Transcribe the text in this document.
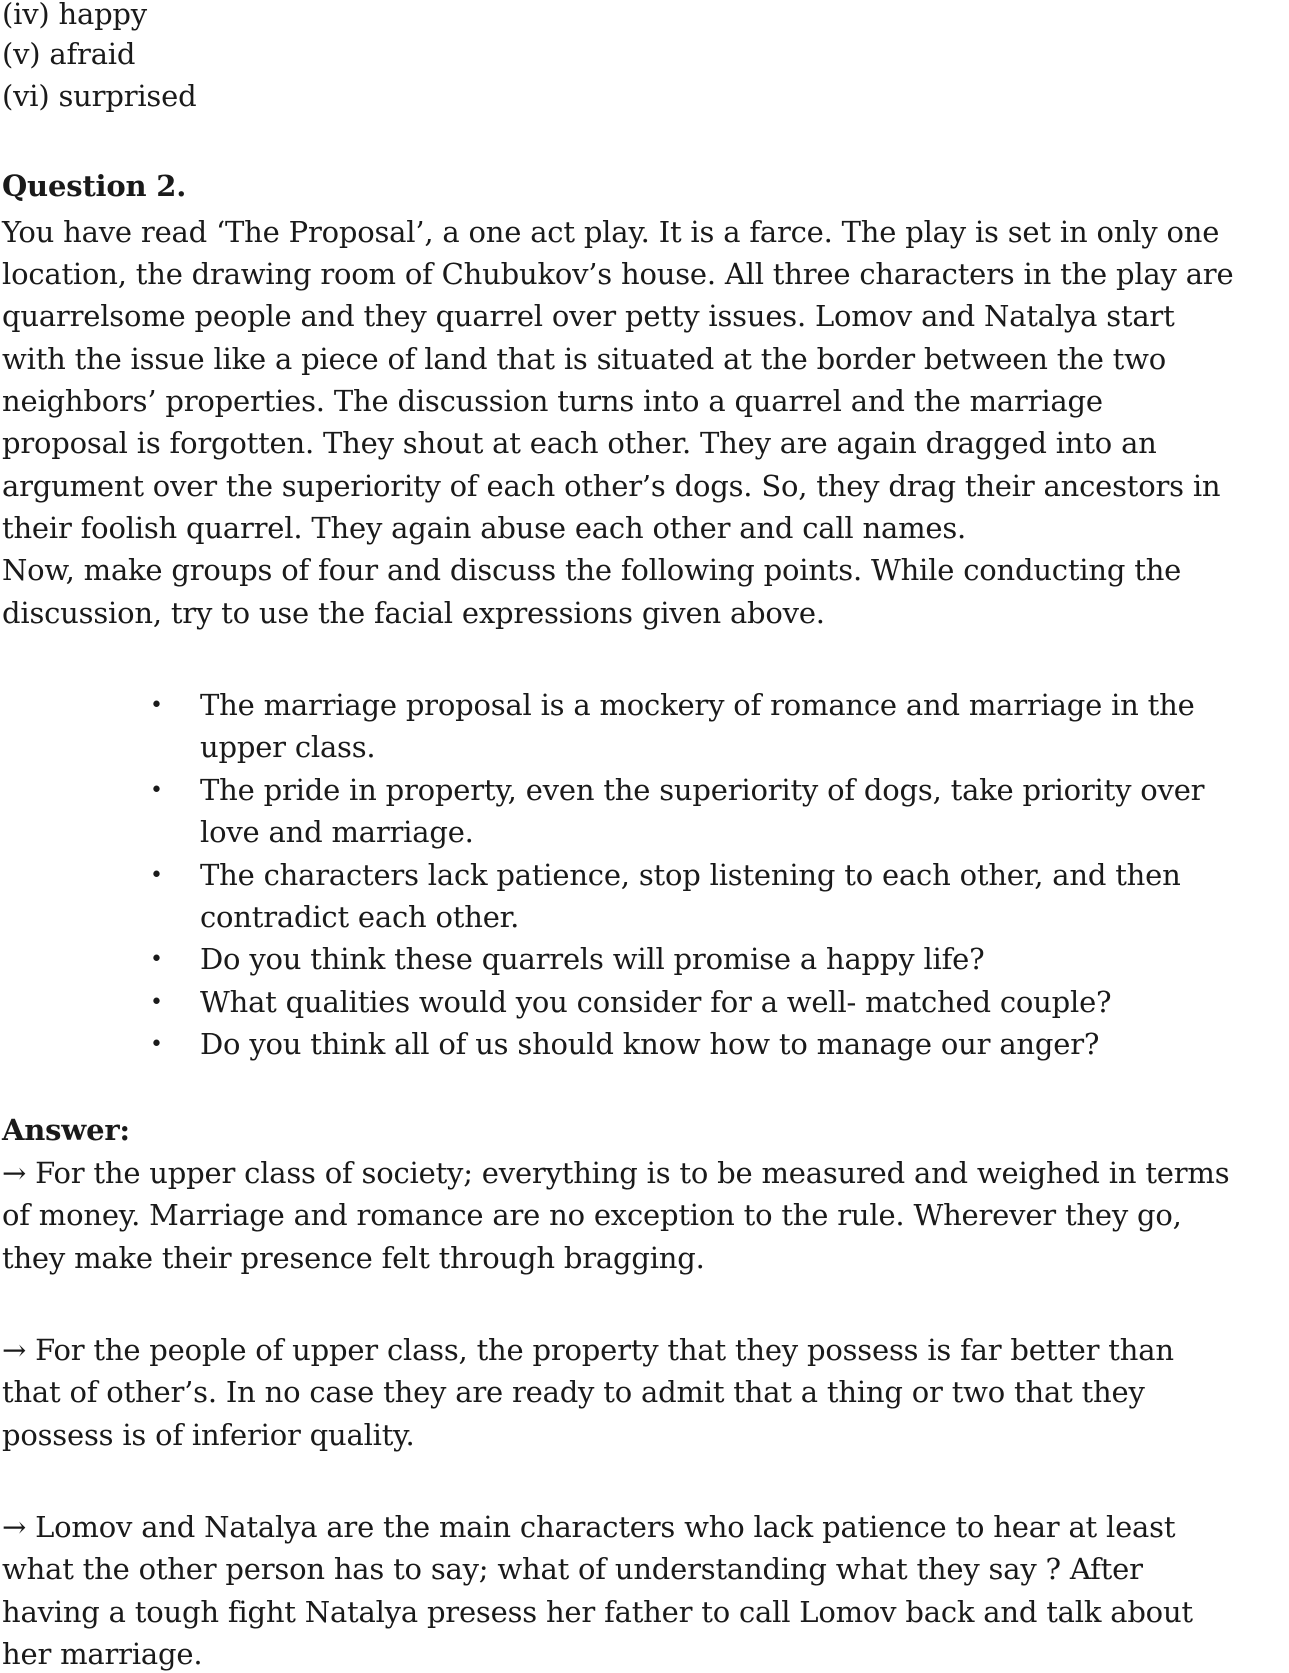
(iv) happy
(v) afraid
(vi) surprised
Question 2.
You have read ‘The Proposal’, a one act play. It is a farce. The play is set in only one
location, the drawing room of Chubukov’s house. All three characters in the play are
quarrelsome people and they quarrel over petty issues. Lomov and Natalya start
with the issue like a piece of land that is situated at the border between the two
neighbors’ properties. The discussion turns into a quarrel and the marriage
proposal is forgotten. They shout at each other. They are again dragged into an
argument over the superiority of each other’s dogs. So, they drag their ancestors in
their foolish quarrel. They again abuse each other and call names.
Now, make groups of four and discuss the following points. While conducting the
discussion, try to use the facial expressions given above.
• The marriage proposal is a mockery of romance and marriage in the
upper class.
• The pride in property, even the superiority of dogs, take priority over
love and marriage.
• The characters lack patience, stop listening to each other, and then
contradict each other.
• Do you think these quarrels will promise a happy life?
• What qualities would you consider for a well- matched couple?
• Do you think all of us should know how to manage our anger?
Answer:
→ For the upper class of society; everything is to be measured and weighed in terms
of money. Marriage and romance are no exception to the rule. Wherever they go,
they make their presence felt through bragging.
→ For the people of upper class, the property that they possess is far better than
that of other’s. In no case they are ready to admit that a thing or two that they
possess is of inferior quality.
→ Lomov and Natalya are the main characters who lack patience to hear at least
what the other person has to say; what of understanding what they say ? After
having a tough fight Natalya presess her father to call Lomov back and talk about
her marriage.
